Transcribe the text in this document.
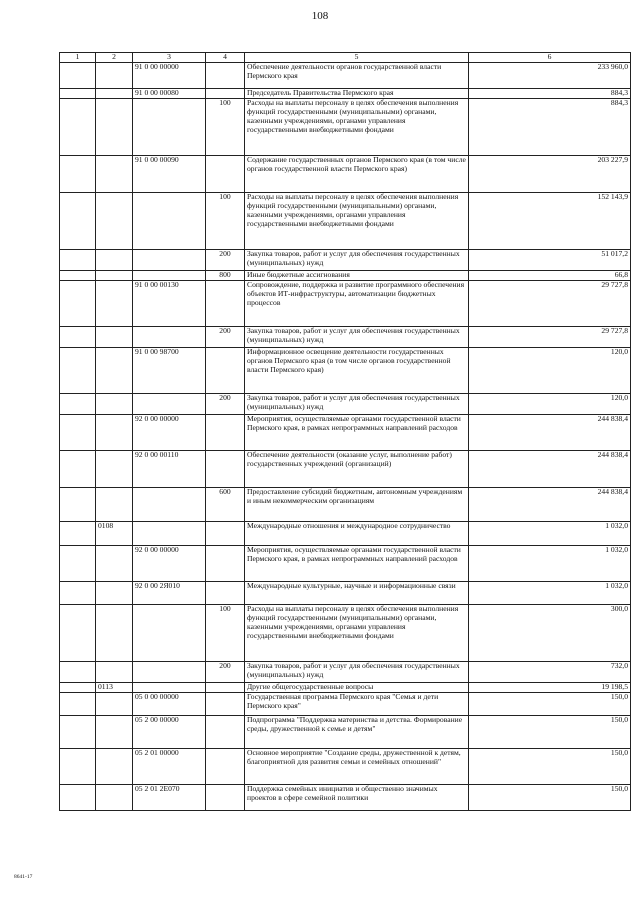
108
1	2	3	4	5	6
		91 0 00 00000		Обеспечение деятельности органов государственной власти Пермского края	233 960,0
		91 0 00 00080		Председатель Правительства Пермского края	884,3
			100	Расходы на выплаты персоналу в целях обеспечения выполнения функций государственными (муниципальными) органами, казенными учреждениями, органами управления государственными внебюджетными фондами	884,3
		91 0 00 00090		Содержание государственных органов Пермского края (в том числе органов государственной власти Пермского края)	203 227,9
			100	Расходы на выплаты персоналу в целях обеспечения выполнения функций государственными (муниципальными) органами, казенными учреждениями, органами управления государственными внебюджетными фондами	152 143,9
			200	Закупка товаров, работ и услуг для обеспечения государственных (муниципальных) нужд	51 017,2
			800	Иные бюджетные ассигнования	66,8
		91 0 00 00130		Сопровождение, поддержка и развитие программного обеспечения объектов ИТ-инфраструктуры, автоматизации бюджетных процессов	29 727,8
			200	Закупка товаров, работ и услуг для обеспечения государственных (муниципальных) нужд	29 727,8
		91 0 00 98700		Информационное освещение деятельности государственных органов Пермского края (в том числе органов государственной власти Пермского края)	120,0
			200	Закупка товаров, работ и услуг для обеспечения государственных (муниципальных) нужд	120,0
		92 0 00 00000		Мероприятия, осуществляемые органами государственной власти Пермского края, в рамках непрограммных направлений расходов	244 838,4
		92 0 00 00110		Обеспечение деятельности (оказание услуг, выполнение работ) государственных учреждений (организаций)	244 838,4
			600	Предоставление субсидий бюджетным, автономным учреждениям и иным некоммерческим организациям	244 838,4
	0108			Международные отношения и международное сотрудничество	1 032,0
		92 0 00 00000		Мероприятия, осуществляемые органами государственной власти Пермского края, в рамках непрограммных направлений расходов	1 032,0
		92 0 00 2Я010		Международные культурные, научные и информационные связи	1 032,0
			100	Расходы на выплаты персоналу в целях обеспечения выполнения функций государственными (муниципальными) органами, казенными учреждениями, органами управления государственными внебюджетными фондами	300,0
			200	Закупка товаров, работ и услуг для обеспечения государственных (муниципальных) нужд	732,0
	0113			Другие общегосударственные вопросы	19 198,5
		05 0 00 00000		Государственная программа Пермского края "Семья и дети Пермского края"	150,0
		05 2 00 00000		Подпрограмма "Поддержка материнства и детства. Формирование среды, дружественной к семье и детям"	150,0
		05 2 01 00000		Основное мероприятие "Создание среды, дружественной к детям, благоприятной для развития семьи и семейных отношений"	150,0
		05 2 01 2Е070		Поддержка семейных инициатив и общественно значимых проектов в сфере семейной политики	150,0
8641-17
